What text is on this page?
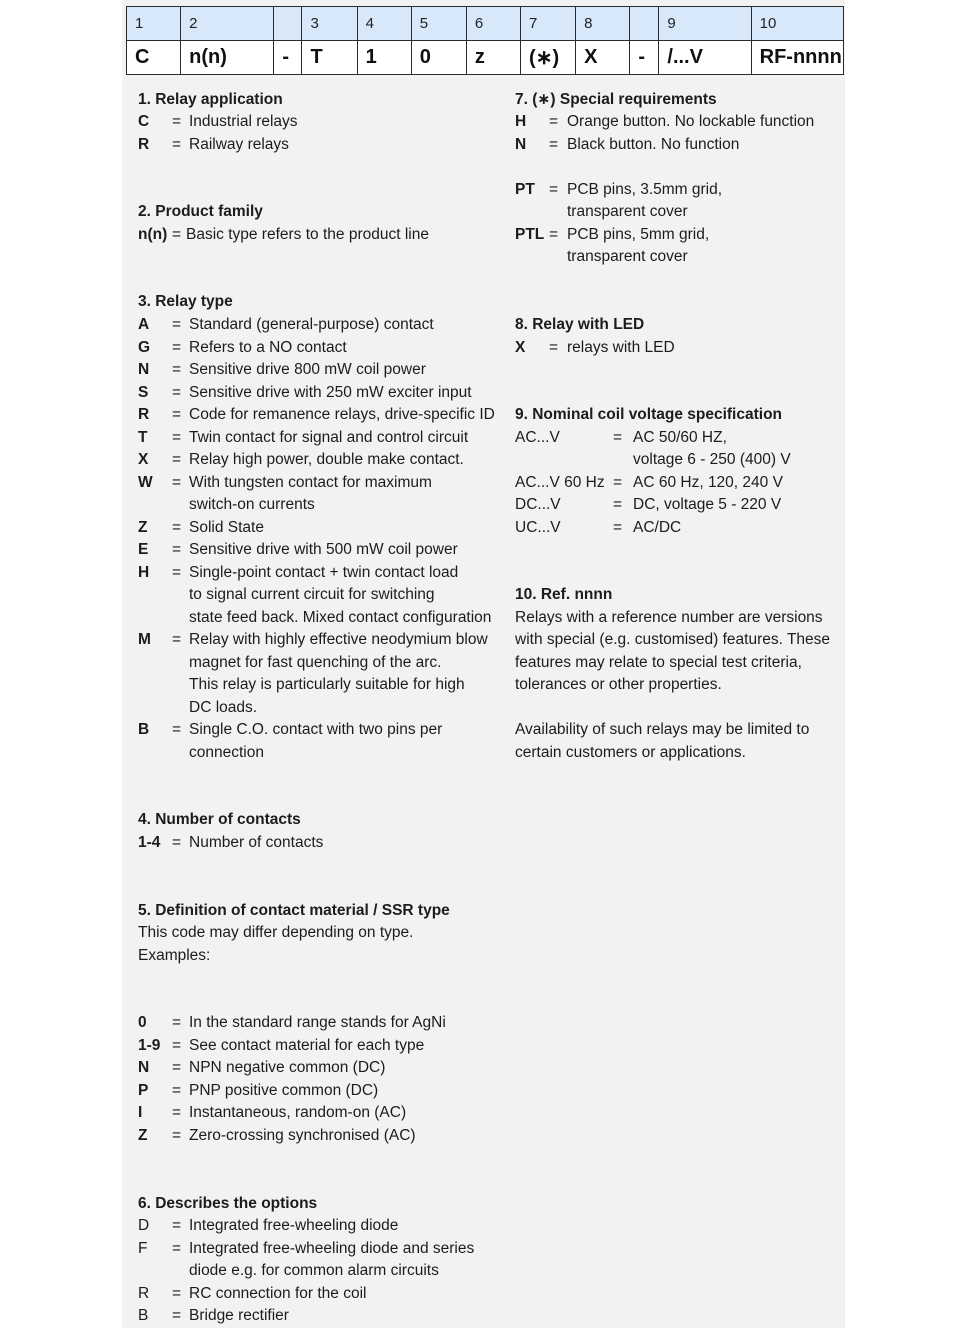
1	2		3	4	5	6	7	8		9	10
C	n(n)	-	T	1	0	z	(∗)	X	-	/...V	RF-nnnn
1. Relay application
C = Industrial relays
R = Railway relays
2. Product family
n(n) = Basic type refers to the product line
3. Relay type
A = Standard (general-purpose) contact
G = Refers to a NO contact
N = Sensitive drive 800 mW coil power
S = Sensitive drive with 250 mW exciter input
R = Code for remanence relays, drive-specific ID
T = Twin contact for signal and control circuit
X = Relay high power, double make contact.
W = With tungsten contact for maximum
switch-on currents
Z = Solid State
E = Sensitive drive with 500 mW coil power
H = Single-point contact + twin contact load
to signal current circuit for switching
state feed back. Mixed contact configuration
M = Relay with highly effective neodymium blow
magnet for fast quenching of the arc.
This relay is particularly suitable for high
DC loads.
B = Single C.O. contact with two pins per
connection
4. Number of contacts
1-4 = Number of contacts
5. Definition of contact material / SSR type
This code may differ depending on type.
Examples:
0 = In the standard range stands for AgNi
1-9 = See contact material for each type
N = NPN negative common (DC)
P = PNP positive common (DC)
I = Instantaneous, random-on (AC)
Z = Zero-crossing synchronised (AC)
6. Describes the options
D = Integrated free-wheeling diode
F = Integrated free-wheeling diode and series
diode e.g. for common alarm circuits
R = RC connection for the coil
B = Bridge rectifier
7. (∗) Special requirements
H = Orange button. No lockable function
N = Black button. No function
PT = PCB pins, 3.5mm grid,
transparent cover
PTL = PCB pins, 5mm grid,
transparent cover
8. Relay with LED
X = relays with LED
9. Nominal coil voltage specification
AC...V	= AC 50/60 HZ,
voltage 6 - 250 (400) V
AC...V 60 Hz = AC 60 Hz, 120, 240 V
DC...V	= DC, voltage 5 - 220 V
UC...V	= AC/DC
10. Ref. nnnn
Relays with a reference number are versions
with special (e.g. customised) features. These
features may relate to special test criteria,
tolerances or other properties.
Availability of such relays may be limited to
certain customers or applications.
